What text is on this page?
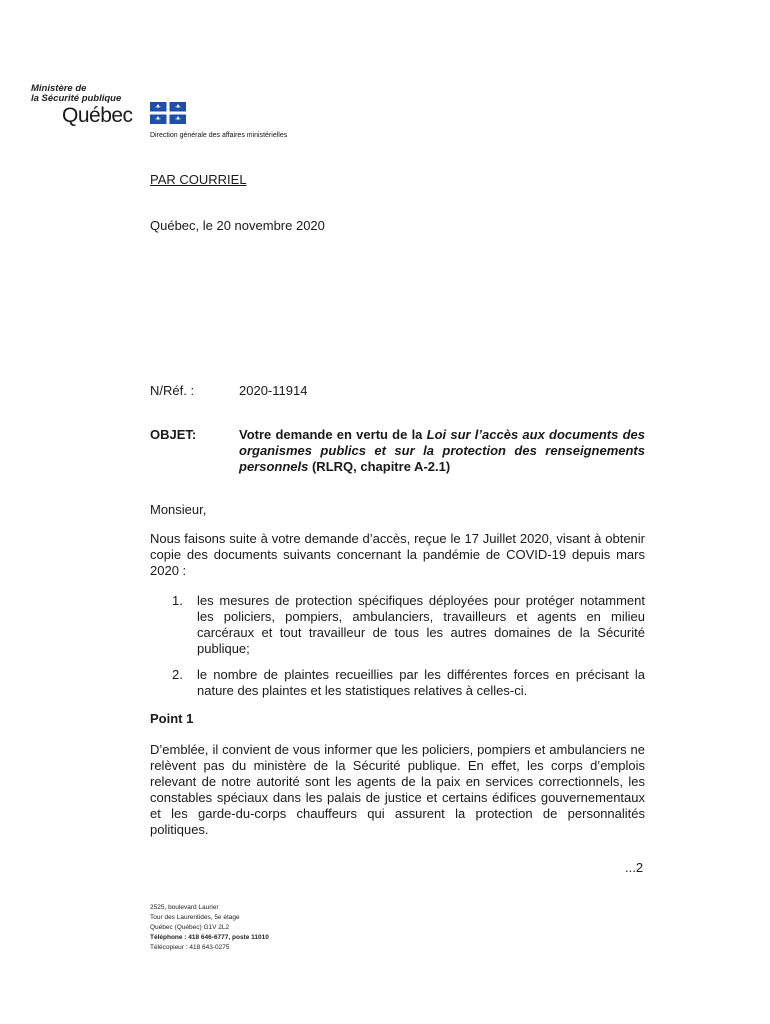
Ministère de
la Sécurité publique
Québec
Direction générale des affaires ministérielles
PAR COURRIEL
Québec, le 20 novembre 2020
N/Réf. :	2020-11914
OBJET:	Votre demande en vertu de la Loi sur l’accès aux documents des organismes publics et sur la protection des renseignements personnels (RLRQ, chapitre A-2.1)
Monsieur,
Nous faisons suite à votre demande d’accès, reçue le 17 Juillet 2020, visant à obtenir copie des documents suivants concernant la pandémie de COVID-19 depuis mars 2020 :
1. les mesures de protection spécifiques déployées pour protéger notamment les policiers, pompiers, ambulanciers, travailleurs et agents en milieu carcéraux et tout travailleur de tous les autres domaines de la Sécurité publique;
2. le nombre de plaintes recueillies par les différentes forces en précisant la nature des plaintes et les statistiques relatives à celles-ci.
Point 1
D’emblée, il convient de vous informer que les policiers, pompiers et ambulanciers ne relèvent pas du ministère de la Sécurité publique. En effet, les corps d’emplois relevant de notre autorité sont les agents de la paix en services correctionnels, les constables spéciaux dans les palais de justice et certains édifices gouvernementaux et les garde-du-corps chauffeurs qui assurent la protection de personnalités politiques.
...2
2525, boulevard Laurier
Tour des Laurentides, 5e étage
Québec (Québec) G1V 2L2
Téléphone : 418 646-6777, poste 11010
Télécopieur : 418 643-0275
